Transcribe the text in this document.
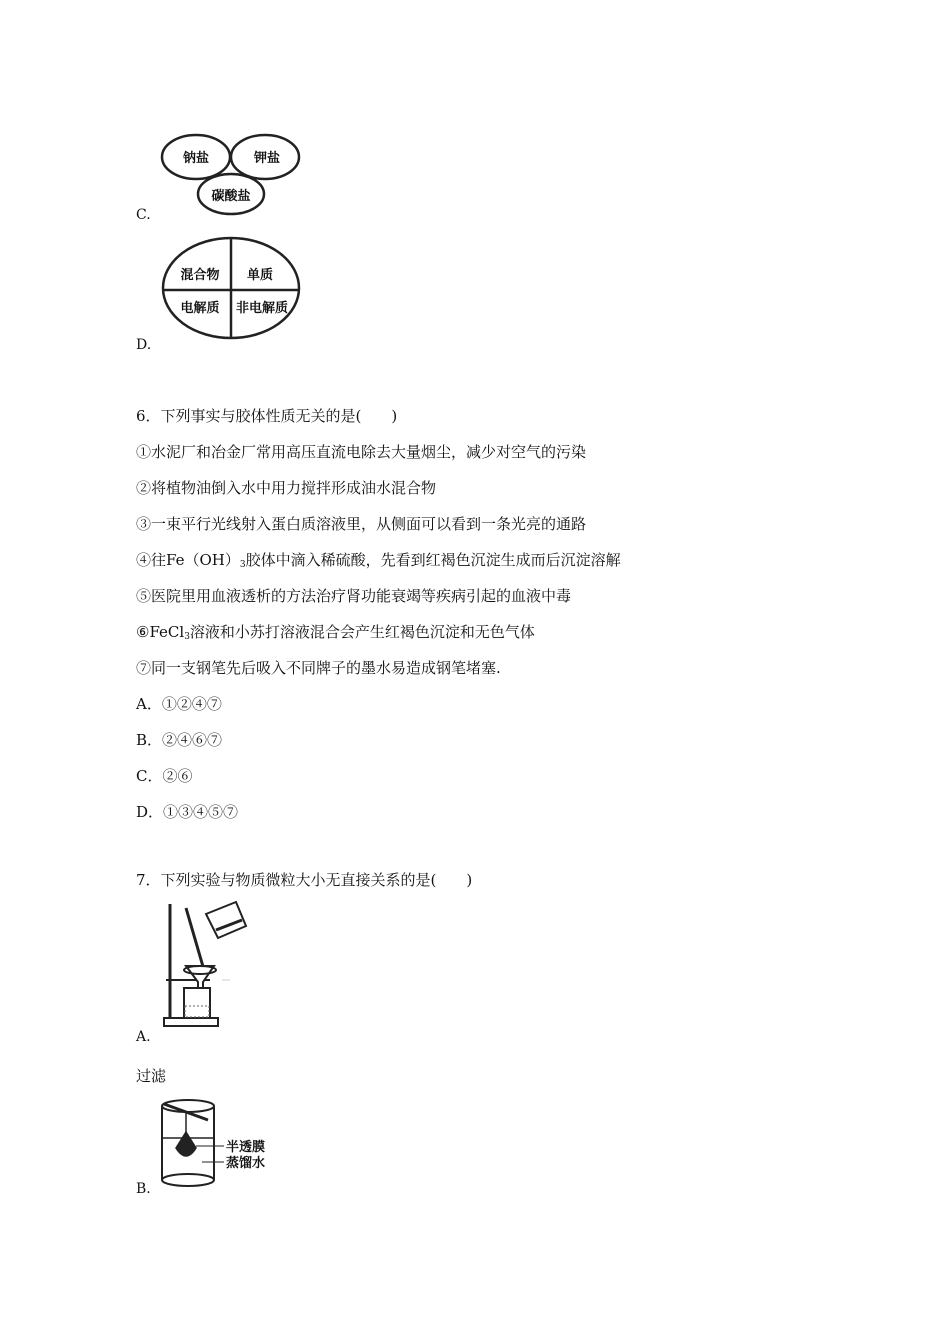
钠盐	钾盐
碳酸盐
C.
混合物 单质
电解质 非电解质
D.
6．下列事实与胶体性质无关的是(　　)
①水泥厂和冶金厂常用高压直流电除去大量烟尘，减少对空气的污染
②将植物油倒入水中用力搅拌形成油水混合物
③一束平行光线射入蛋白质溶液里，从侧面可以看到一条光亮的通路
④往$Fe(OH)_3$胶体中滴入稀硫酸，先看到红褐色沉淀生成而后沉淀溶解
⑤医院里用血液透析的方法治疗肾功能衰竭等疾病引起的血液中毒
⑥FeCl$_3$溶液和小苏打溶液混合会产生红褐色沉淀和无色气体
⑦同一支钢笔先后吸入不同牌子的墨水易造成钢笔堵塞.
A．①②④⑦
B．②④⑥⑦
C．②⑥
D．①③④⑤⑦
7．下列实验与物质微粒大小无直接关系的是(　　)
A.
过滤
半透膜
蒸馏水
B.
